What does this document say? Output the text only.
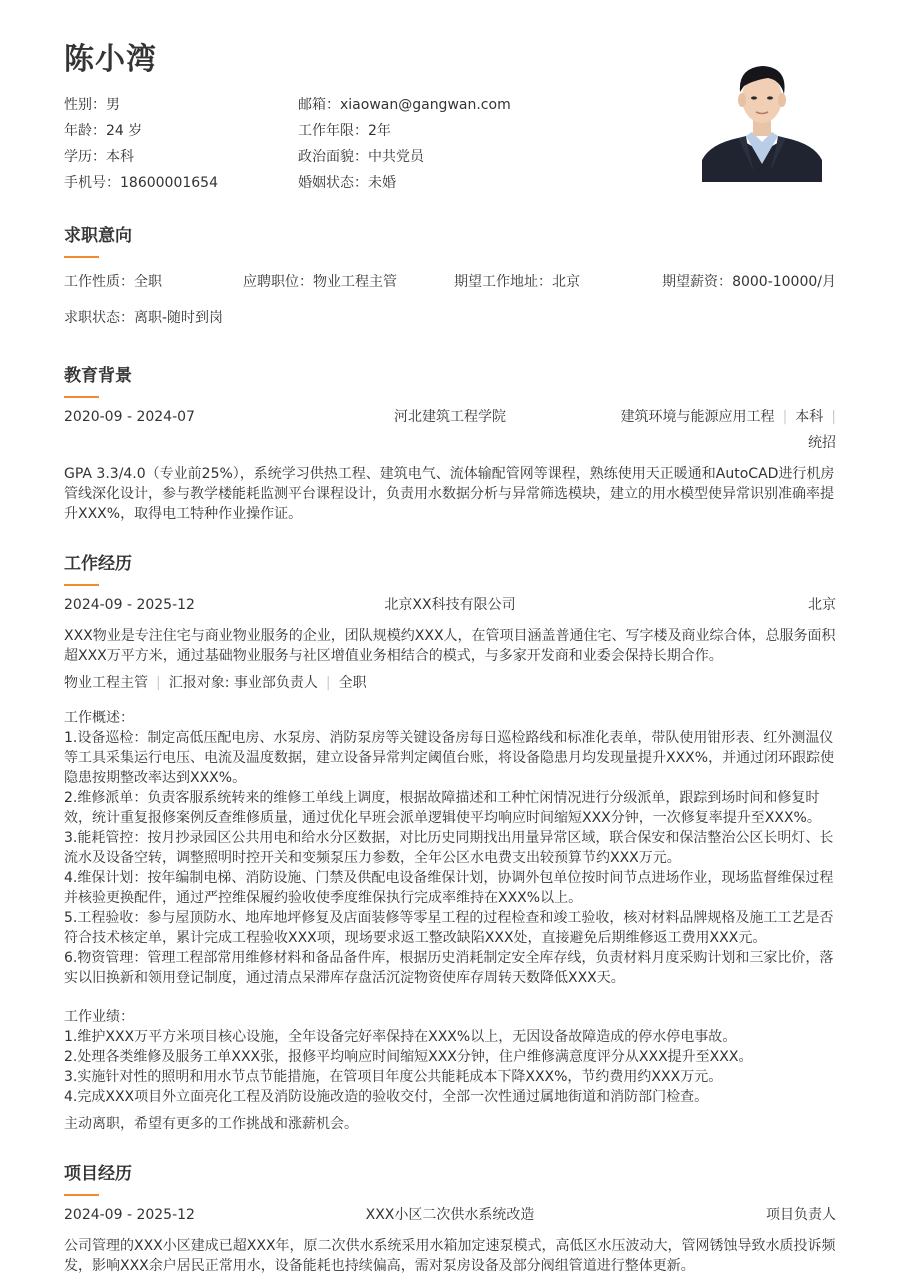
陈小湾
性别：男	邮箱：xiaowan@gangwan.com
年龄：24 岁	工作年限：2年
学历：本科	政治面貌：中共党员
手机号：18600001654	婚姻状态：未婚
求职意向
工作性质：全职	应聘职位：物业工程主管	期望工作地址：北京	期望薪资：8000-10000/月
求职状态：离职-随时到岗
教育背景
2020-09 - 2024-07	河北建筑工程学院	建筑环境与能源应用工程 | 本科 |
统招
GPA 3.3/4.0（专业前25%），系统学习供热工程、建筑电气、流体输配管网等课程，熟练使用天正暖通和AutoCAD进行机房管线深化设计，参与教学楼能耗监测平台课程设计，负责用水数据分析与异常筛选模块，建立的用水模型使异常识别准确率提升XXX%，取得电工特种作业操作证。
工作经历
2024-09 - 2025-12	北京XX科技有限公司	北京
XXX物业是专注住宅与商业物业服务的企业，团队规模约XXX人，在管项目涵盖普通住宅、写字楼及商业综合体，总服务面积超XXX万平方米，通过基础物业服务与社区增值业务相结合的模式，与多家开发商和业委会保持长期合作。
物业工程主管 | 汇报对象: 事业部负责人 | 全职
工作概述：
1.设备巡检：制定高低压配电房、水泵房、消防泵房等关键设备房每日巡检路线和标准化表单，带队使用钳形表、红外测温仪等工具采集运行电压、电流及温度数据，建立设备异常判定阈值台账，将设备隐患月均发现量提升XXX%，并通过闭环跟踪使隐患按期整改率达到XXX%。
2.维修派单：负责客服系统转来的维修工单线上调度，根据故障描述和工种忙闲情况进行分级派单，跟踪到场时间和修复时效，统计重复报修案例反查维修质量，通过优化早班会派单逻辑使平均响应时间缩短XXX分钟，一次修复率提升至XXX%。
3.能耗管控：按月抄录园区公共用电和给水分区数据，对比历史同期找出用量异常区域，联合保安和保洁整治公区长明灯、长流水及设备空转，调整照明时控开关和变频泵压力参数，全年公区水电费支出较预算节约XXX万元。
4.维保计划：按年编制电梯、消防设施、门禁及供配电设备维保计划，协调外包单位按时间节点进场作业，现场监督维保过程并核验更换配件，通过严控维保履约验收使季度维保执行完成率维持在XXX%以上。
5.工程验收：参与屋顶防水、地库地坪修复及店面装修等零星工程的过程检查和竣工验收，核对材料品牌规格及施工工艺是否符合技术核定单，累计完成工程验收XXX项，现场要求返工整改缺陷XXX处，直接避免后期维修返工费用XXX元。
6.物资管理：管理工程部常用维修材料和备品备件库，根据历史消耗制定安全库存线，负责材料月度采购计划和三家比价，落实以旧换新和领用登记制度，通过清点呆滞库存盘活沉淀物资使库存周转天数降低XXX天。
工作业绩：
1.维护XXX万平方米项目核心设施，全年设备完好率保持在XXX%以上，无因设备故障造成的停水停电事故。
2.处理各类维修及服务工单XXX张，报修平均响应时间缩短XXX分钟，住户维修满意度评分从XXX提升至XXX。
3.实施针对性的照明和用水节点节能措施，在管项目年度公共能耗成本下降XXX%，节约费用约XXX万元。
4.完成XXX项目外立面亮化工程及消防设施改造的验收交付，全部一次性通过属地街道和消防部门检查。
主动离职，希望有更多的工作挑战和涨薪机会。
项目经历
2024-09 - 2025-12	XXX小区二次供水系统改造	项目负责人
公司管理的XXX小区建成已超XXX年，原二次供水系统采用水箱加定速泵模式，高低区水压波动大，管网锈蚀导致水质投诉频发，影响XXX余户居民正常用水，设备能耗也持续偏高，需对泵房设备及部分阀组管道进行整体更新。
